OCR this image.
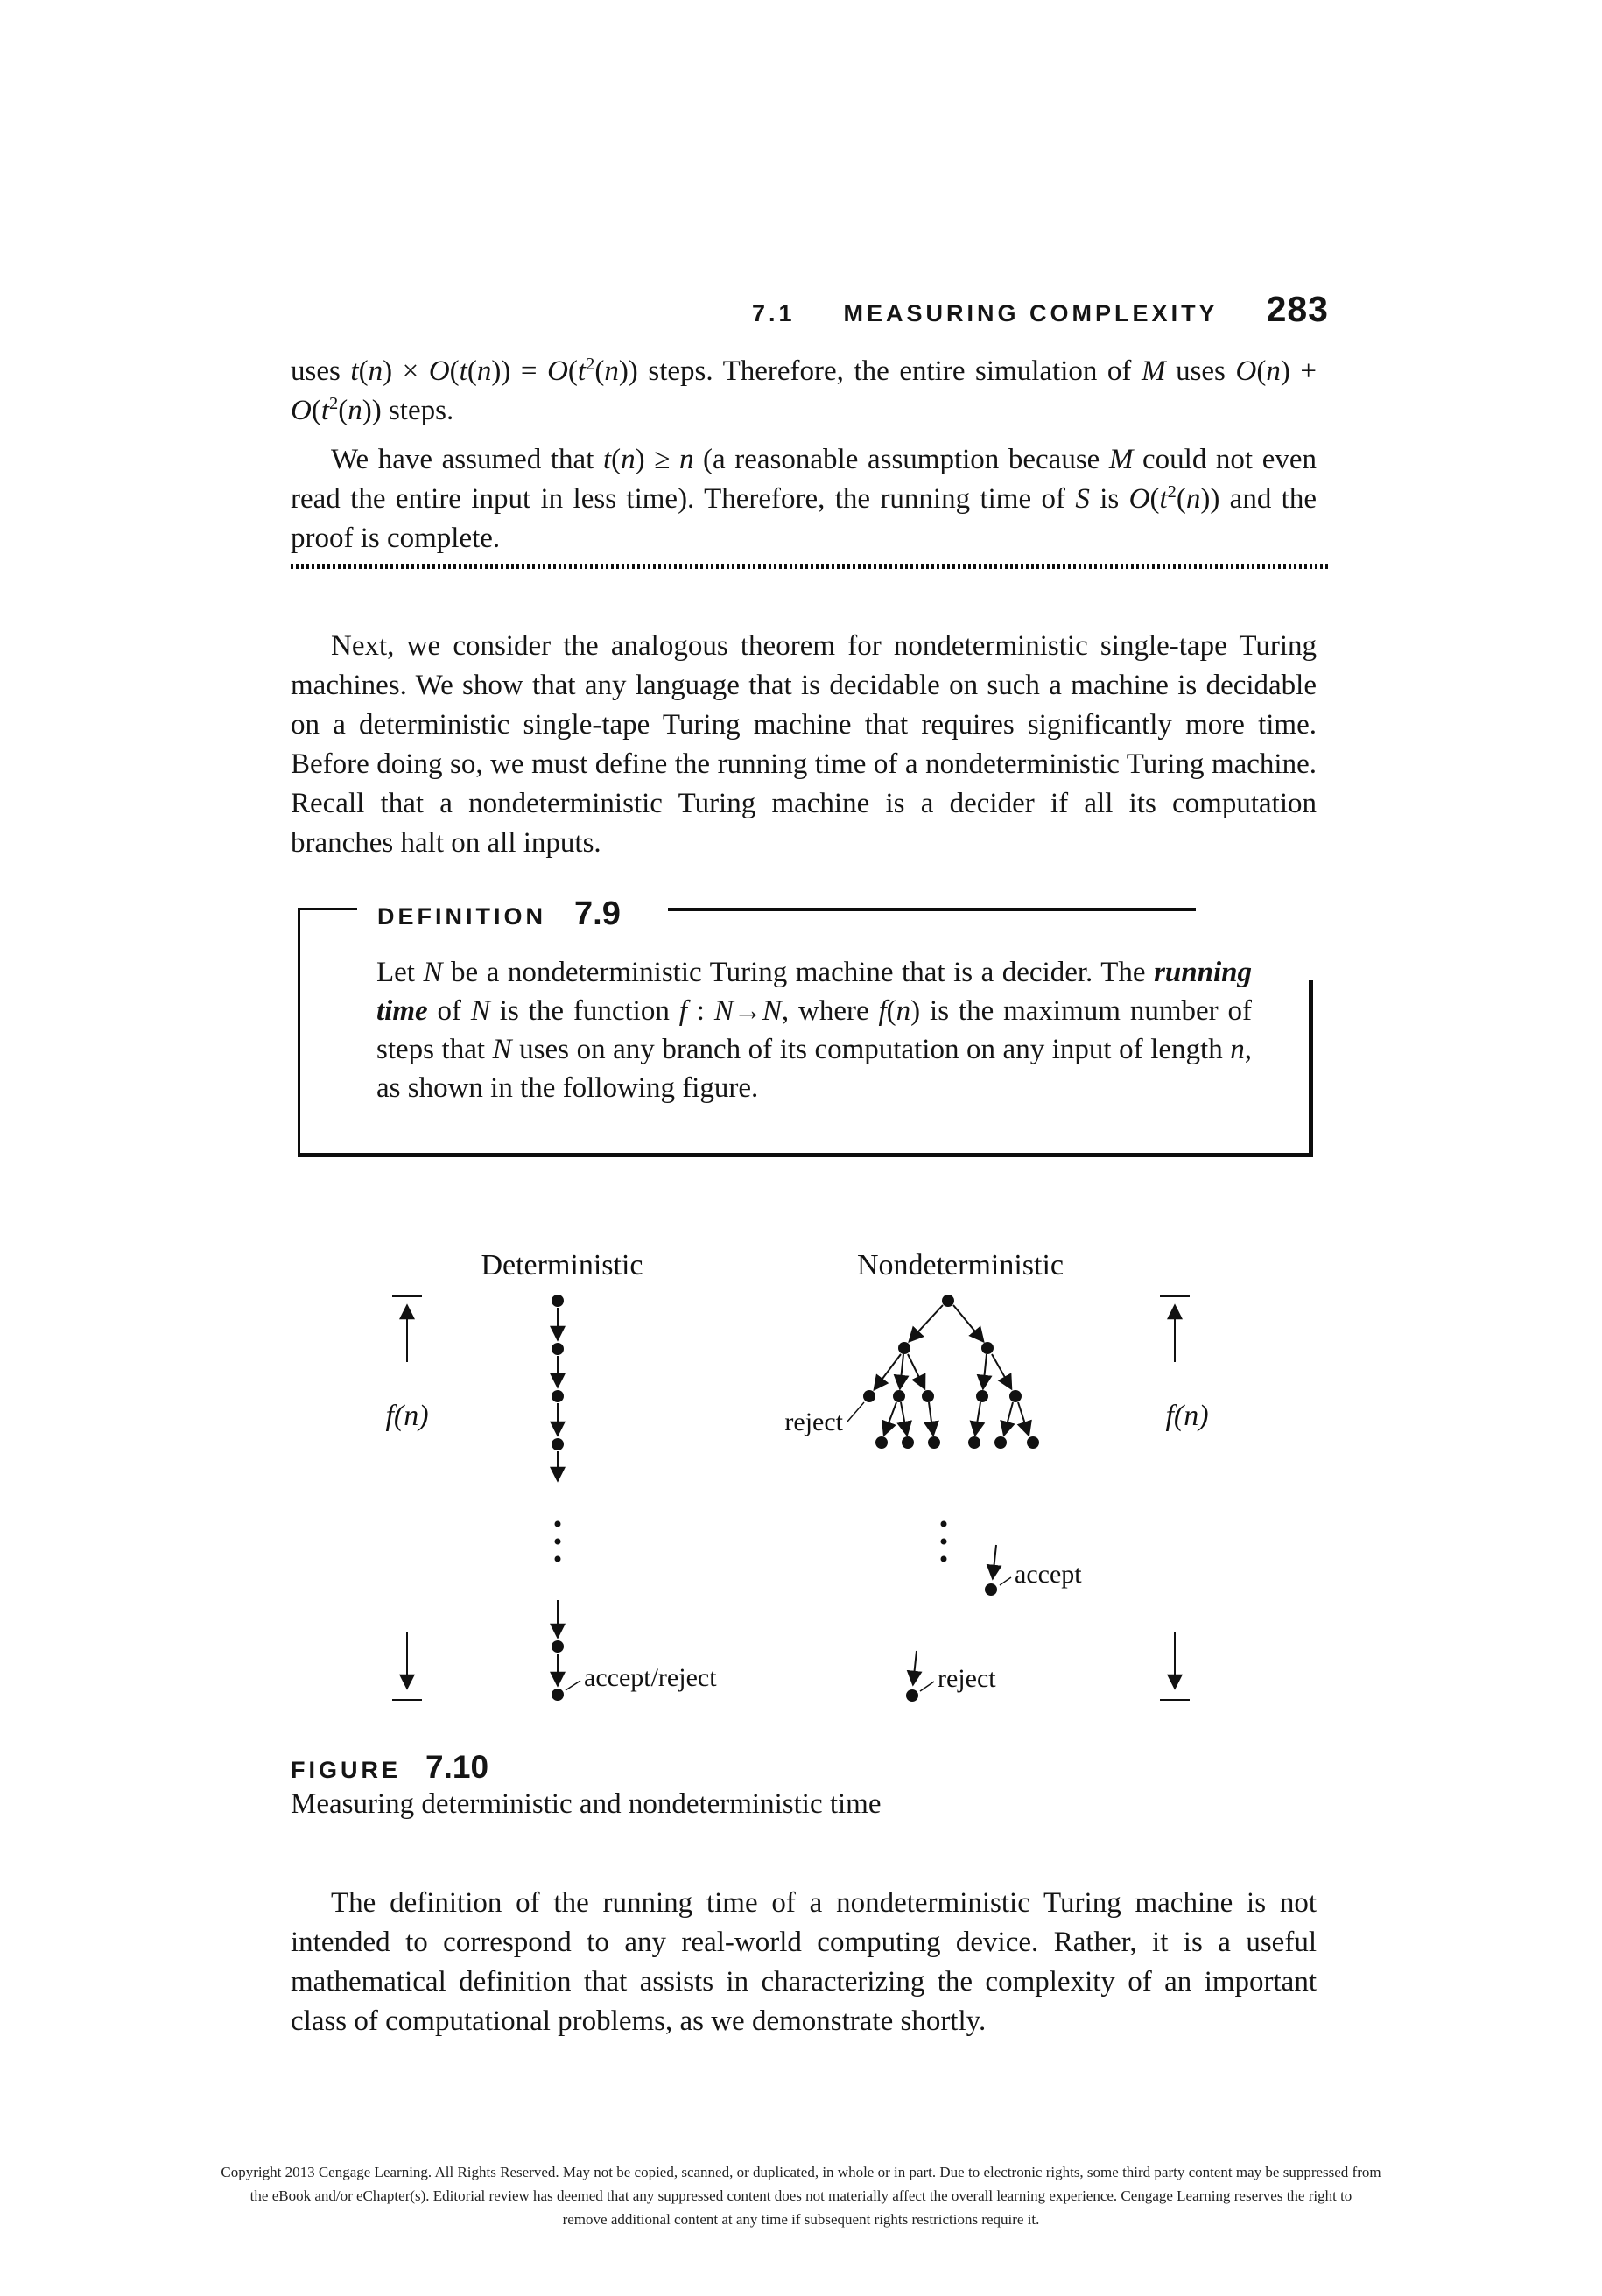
7.1 MEASURING COMPLEXITY 283
uses $t(n) \times O(t(n)) = O(t^2(n))$ steps. Therefore, the entire simulation of M uses $O(n) + O(t^2(n))$ steps.
We have assumed that t(n) ≥ n (a reasonable assumption because M could not even read the entire input in less time). Therefore, the running time of S is $O(t^2(n))$ and the proof is complete.
Next, we consider the analogous theorem for nondeterministic single-tape Turing machines. We show that any language that is decidable on such a machine is decidable on a deterministic single-tape Turing machine that requires significantly more time. Before doing so, we must define the running time of a nondeterministic Turing machine. Recall that a nondeterministic Turing machine is a decider if all its computation branches halt on all inputs.
DEFINITION 7.9
Let N be a nondeterministic Turing machine that is a decider. The running time of N is the function f : N→N, where f(n) is the maximum number of steps that N uses on any branch of its computation on any input of length n, as shown in the following figure.
Deterministic	Nondeterministic
f(n)
accept/reject
reject
accept
reject
f(n)
FIGURE 7.10
Measuring deterministic and nondeterministic time
The definition of the running time of a nondeterministic Turing machine is not intended to correspond to any real-world computing device. Rather, it is a useful mathematical definition that assists in characterizing the complexity of an important class of computational problems, as we demonstrate shortly.
Copyright 2013 Cengage Learning. All Rights Reserved. May not be copied, scanned, or duplicated, in whole or in part. Due to electronic rights, some third party content may be suppressed from
the eBook and/or eChapter(s). Editorial review has deemed that any suppressed content does not materially affect the overall learning experience. Cengage Learning reserves the right to
remove additional content at any time if subsequent rights restrictions require it.
